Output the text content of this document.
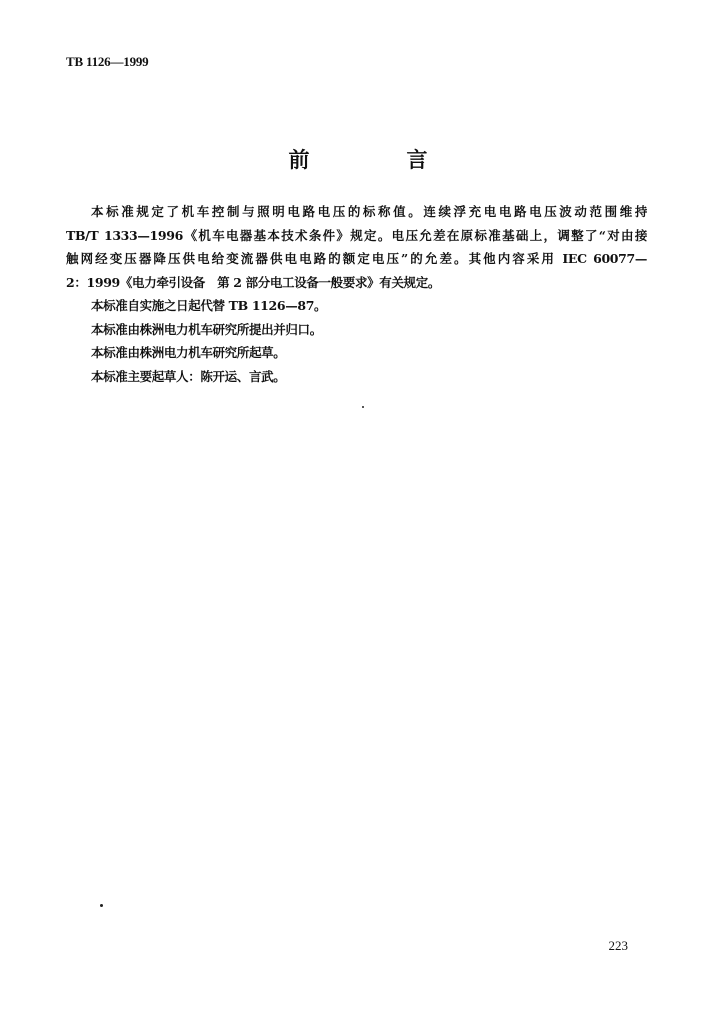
TB 1126—1999
前　言
本标准规定了机车控制与照明电路电压的标称值。连续浮充电电路电压波动范围维持
TB/T 1333—1996《机车电器基本技术条件》规定。电压允差在原标准基础上，调整了“对由接
触网经变压器降压供电给变流器供电电路的额定电压”的允差。其他内容采用 IEC 60077—
2：1999《电力牵引设备　第 2 部分电工设备一般要求》有关规定。
本标准自实施之日起代替 TB 1126—87。
本标准由株洲电力机车研究所提出并归口。
本标准由株洲电力机车研究所起草。
本标准主要起草人：陈开运、言武。
223
